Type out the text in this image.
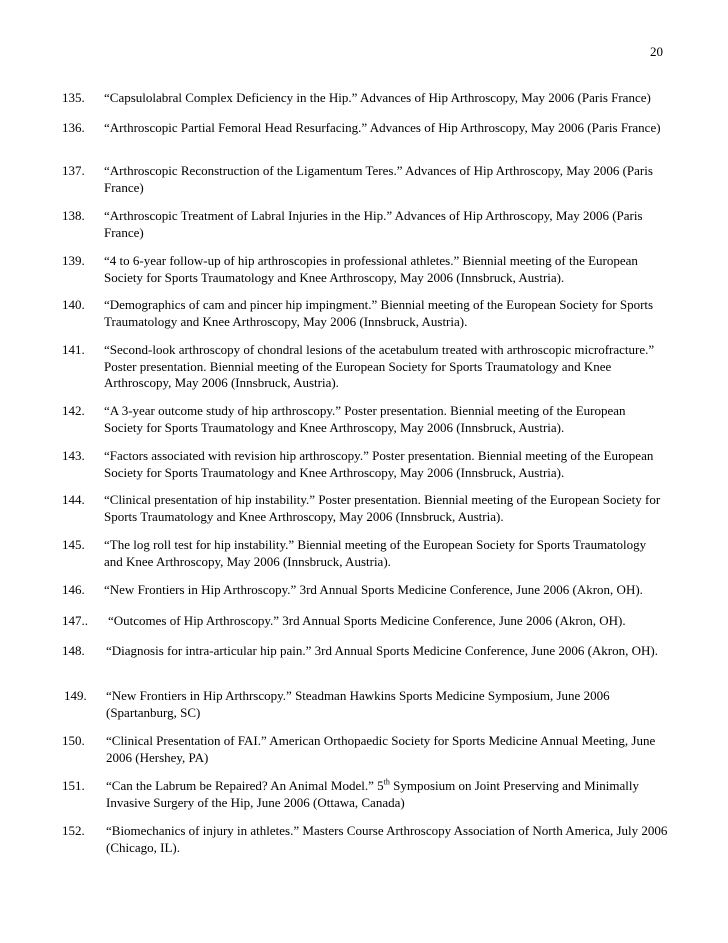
20
135. “Capsulolabral Complex Deficiency in the Hip.” Advances of Hip Arthroscopy, May 2006 (Paris France)
136. “Arthroscopic Partial Femoral Head Resurfacing.” Advances of Hip Arthroscopy, May 2006 (Paris France)
137. “Arthroscopic Reconstruction of the Ligamentum Teres.” Advances of Hip Arthroscopy, May 2006 (Paris France)
138. “Arthroscopic Treatment of Labral Injuries in the Hip.” Advances of Hip Arthroscopy, May 2006 (Paris France)
139. “4 to 6-year follow-up of hip arthroscopies in professional athletes.” Biennial meeting of the European Society for Sports Traumatology and Knee Arthroscopy, May 2006 (Innsbruck, Austria).
140. “Demographics of cam and pincer hip impingment.” Biennial meeting of the European Society for Sports Traumatology and Knee Arthroscopy, May 2006 (Innsbruck, Austria).
141. “Second-look arthroscopy of chondral lesions of the acetabulum treated with arthroscopic microfracture.” Poster presentation. Biennial meeting of the European Society for Sports Traumatology and Knee Arthroscopy, May 2006 (Innsbruck, Austria).
142. “A 3-year outcome study of hip arthroscopy.” Poster presentation. Biennial meeting of the European Society for Sports Traumatology and Knee Arthroscopy, May 2006 (Innsbruck, Austria).
143. “Factors associated with revision hip arthroscopy.” Poster presentation. Biennial meeting of the European Society for Sports Traumatology and Knee Arthroscopy, May 2006 (Innsbruck, Austria).
144. “Clinical presentation of hip instability.” Poster presentation. Biennial meeting of the European Society for Sports Traumatology and Knee Arthroscopy, May 2006 (Innsbruck, Austria).
145. “The log roll test for hip instability.” Biennial meeting of the European Society for Sports Traumatology and Knee Arthroscopy, May 2006 (Innsbruck, Austria).
146. “New Frontiers in Hip Arthroscopy.” 3rd Annual Sports Medicine Conference, June 2006 (Akron, OH).
147.. “Outcomes of Hip Arthroscopy.” 3rd Annual Sports Medicine Conference, June 2006 (Akron, OH).
148. “Diagnosis for intra-articular hip pain.” 3rd Annual Sports Medicine Conference, June 2006 (Akron, OH).
149. “New Frontiers in Hip Arthrscopy.” Steadman Hawkins Sports Medicine Symposium, June 2006 (Spartanburg, SC)
150. “Clinical Presentation of FAI.” American Orthopaedic Society for Sports Medicine Annual Meeting, June 2006 (Hershey, PA)
151. “Can the Labrum be Repaired? An Animal Model.” 5th Symposium on Joint Preserving and Minimally Invasive Surgery of the Hip, June 2006 (Ottawa, Canada)
152. “Biomechanics of injury in athletes.” Masters Course Arthroscopy Association of North America, July 2006 (Chicago, IL).
